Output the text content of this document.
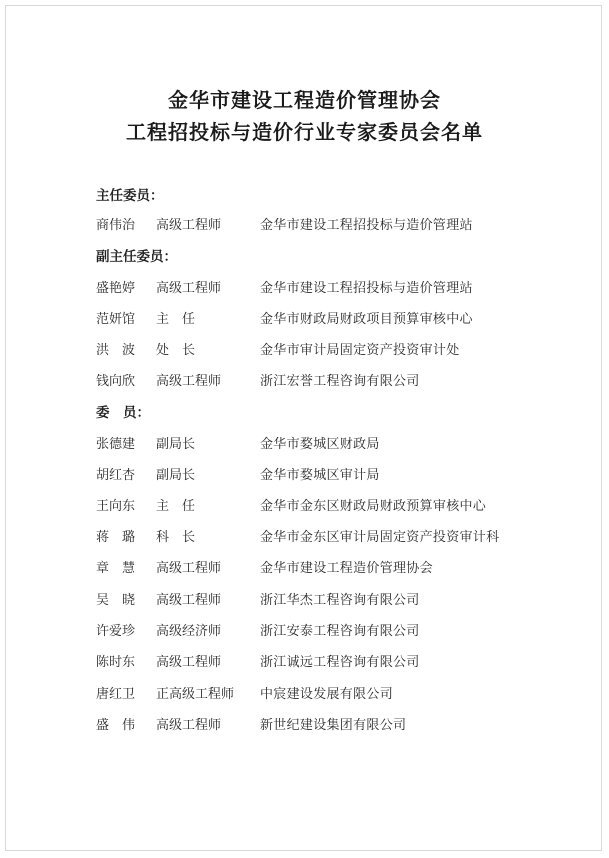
金华市建设工程造价管理协会
工程招投标与造价行业专家委员会名单
主任委员：
商伟治	高级工程师	金华市建设工程招投标与造价管理站
副主任委员：
盛艳婷	高级工程师	金华市建设工程招投标与造价管理站
范妍馆	主　任	金华市财政局财政项目预算审核中心
洪　波	处　长	金华市审计局固定资产投资审计处
钱向欣	高级工程师	浙江宏誉工程咨询有限公司
委　员：
张德建	副局长	金华市婺城区财政局
胡红杏	副局长	金华市婺城区审计局
王向东	主　任	金华市金东区财政局财政预算审核中心
蒋　璐	科　长	金华市金东区审计局固定资产投资审计科
章　慧	高级工程师	金华市建设工程造价管理协会
吴　晓	高级工程师	浙江华杰工程咨询有限公司
许爱珍	高级经济师	浙江安泰工程咨询有限公司
陈时东	高级工程师	浙江诚远工程咨询有限公司
唐红卫	正高级工程师	中宸建设发展有限公司
盛　伟	高级工程师	新世纪建设集团有限公司
